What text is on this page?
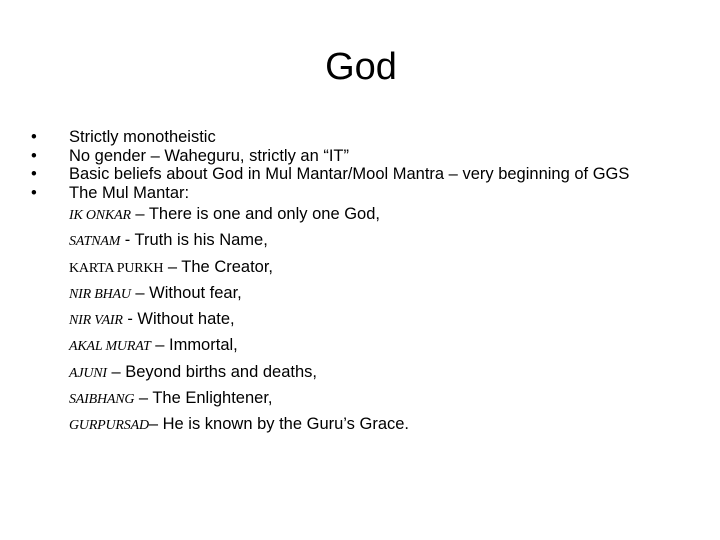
God
•	Strictly monotheistic
•	No gender – Waheguru, strictly an “IT”
•	Basic beliefs about God in Mul Mantar/Mool Mantra – very beginning of GGS
•	The Mul Mantar:
IK ONKAR – There is one and only one God,
SATNAM - Truth is his Name,
KARTA PURKH – The Creator,
NIR BHAU – Without fear,
NIR VAIR - Without hate,
AKAL MURAT – Immortal,
AJUNI – Beyond births and deaths,
SAIBHANG – The Enlightener,
GURPURSAD– He is known by the Guru’s Grace.
